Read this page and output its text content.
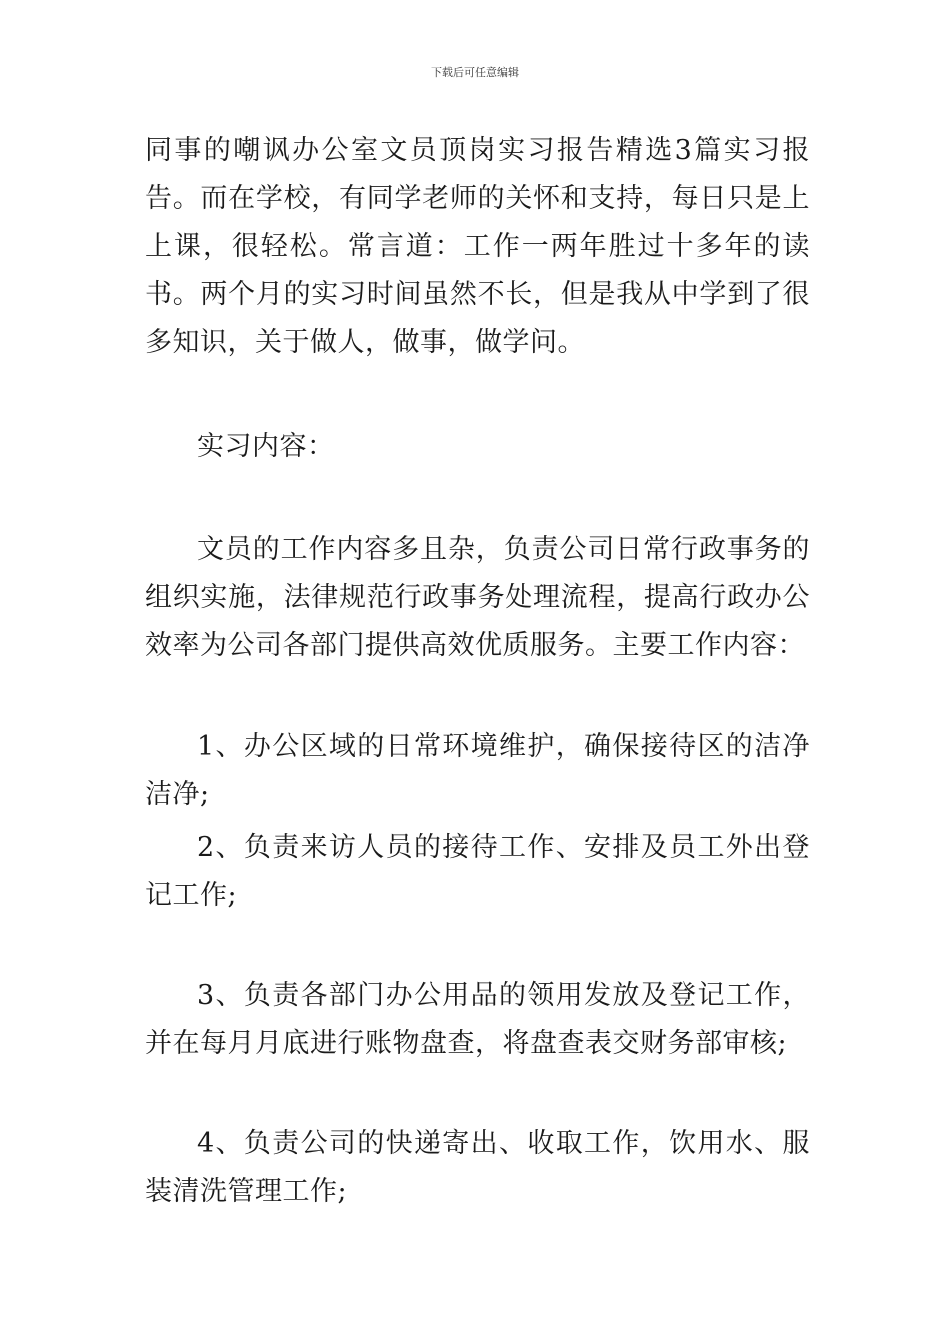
下载后可任意编辑

同事的嘲讽办公室文员顶岗实习报告精选3篇实习报告。而在学校，有同学老师的关怀和支持，每日只是上上课，很轻松。常言道：工作一两年胜过十多年的读书。两个月的实习时间虽然不长，但是我从中学到了很多知识，关于做人，做事，做学问。

实习内容：

文员的工作内容多且杂，负责公司日常行政事务的组织实施，法律规范行政事务处理流程，提高行政办公效率为公司各部门提供高效优质服务。主要工作内容：

1、办公区域的日常环境维护，确保接待区的洁净洁净;

2、负责来访人员的接待工作、安排及员工外出登记工作;

3、负责各部门办公用品的领用发放及登记工作，并在每月月底进行账物盘查，将盘查表交财务部审核;

4、负责公司的快递寄出、收取工作，饮用水、服装清洗管理工作;
